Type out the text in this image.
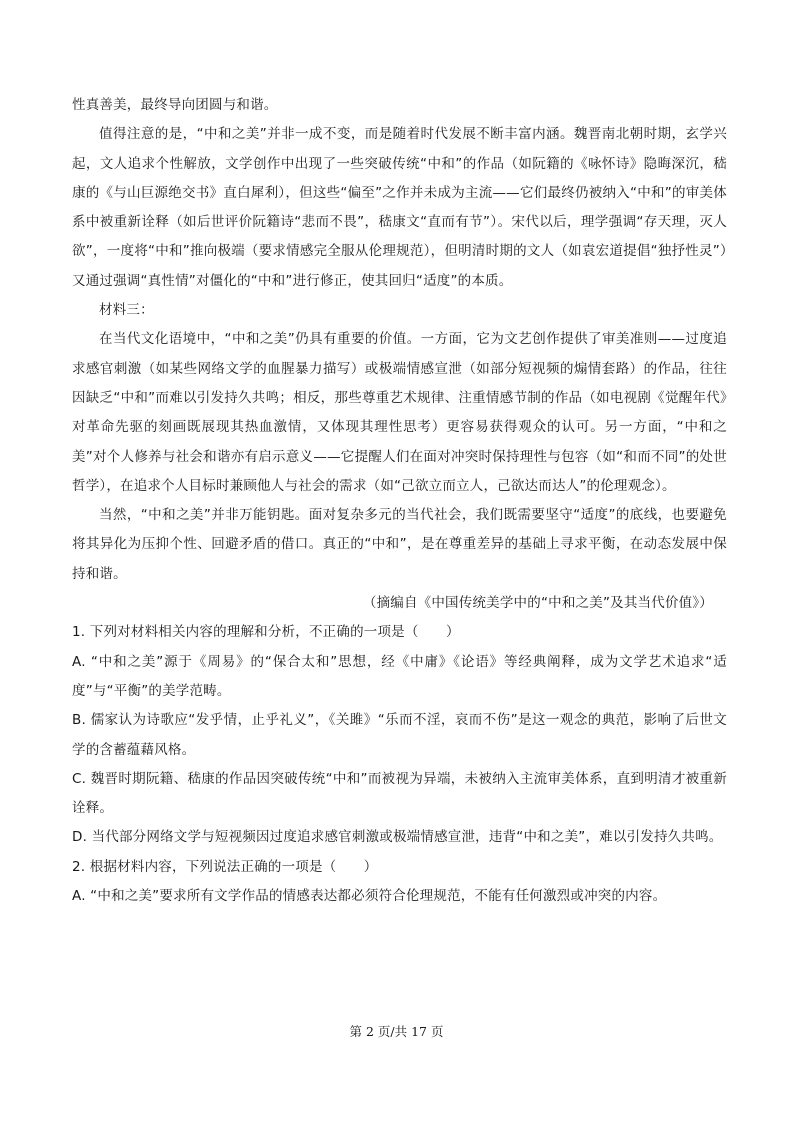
性真善美，最终导向团圆与和谐。

值得注意的是，“中和之美”并非一成不变，而是随着时代发展不断丰富内涵。魏晋南北朝时期，玄学兴起，文人追求个性解放，文学创作中出现了一些突破传统“中和”的作品（如阮籍的《咏怀诗》隐晦深沉，嵇康的《与山巨源绝交书》直白犀利），但这些“偏至”之作并未成为主流——它们最终仍被纳入“中和”的审美体系中被重新诠释（如后世评价阮籍诗“悲而不畏”，嵇康文“直而有节”）。宋代以后，理学强调“存天理，灭人欲”，一度将“中和”推向极端（要求情感完全服从伦理规范），但明清时期的文人（如袁宏道提倡“独抒性灵”）又通过强调“真性情”对僵化的“中和”进行修正，使其回归“适度”的本质。

材料三：

在当代文化语境中，“中和之美”仍具有重要的价值。一方面，它为文艺创作提供了审美准则——过度追求感官刺激（如某些网络文学的血腥暴力描写）或极端情感宣泄（如部分短视频的煽情套路）的作品，往往因缺乏“中和”而难以引发持久共鸣；相反，那些尊重艺术规律、注重情感节制的作品（如电视剧《觉醒年代》对革命先驱的刻画既展现其热血激情，又体现其理性思考）更容易获得观众的认可。另一方面，“中和之美”对个人修养与社会和谐亦有启示意义——它提醒人们在面对冲突时保持理性与包容（如“和而不同”的处世哲学），在追求个人目标时兼顾他人与社会的需求（如“己欲立而立人，己欲达而达人”的伦理观念）。

当然，“中和之美”并非万能钥匙。面对复杂多元的当代社会，我们既需要坚守“适度”的底线，也要避免将其异化为压抑个性、回避矛盾的借口。真正的“中和”，是在尊重差异的基础上寻求平衡，在动态发展中保持和谐。

（摘编自《中国传统美学中的“中和之美”及其当代价值》）

1. 下列对材料相关内容的理解和分析，不正确的一项是（　　）

A. “中和之美”源于《周易》的“保合太和”思想，经《中庸》《论语》等经典阐释，成为文学艺术追求“适度”与“平衡”的美学范畴。

B. 儒家认为诗歌应“发乎情，止乎礼义”，《关雎》“乐而不淫，哀而不伤”是这一观念的典范，影响了后世文学的含蓄蕴藉风格。

C. 魏晋时期阮籍、嵇康的作品因突破传统“中和”而被视为异端，未被纳入主流审美体系，直到明清才被重新诠释。

D. 当代部分网络文学与短视频因过度追求感官刺激或极端情感宣泄，违背“中和之美”，难以引发持久共鸣。

2. 根据材料内容，下列说法正确的一项是（　　）

A. “中和之美”要求所有文学作品的情感表达都必须符合伦理规范，不能有任何激烈或冲突的内容。

第 2 页/共 17 页
